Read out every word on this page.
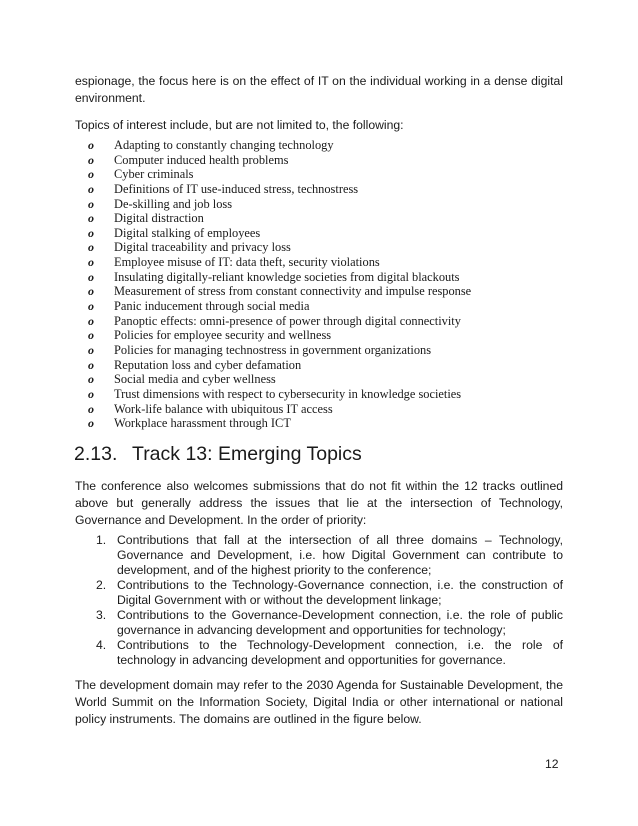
espionage, the focus here is on the effect of IT on the individual working in a dense digital environment.

Topics of interest include, but are not limited to, the following:

o Adapting to constantly changing technology
o Computer induced health problems
o Cyber criminals
o Definitions of IT use-induced stress, technostress
o De-skilling and job loss
o Digital distraction
o Digital stalking of employees
o Digital traceability and privacy loss
o Employee misuse of IT: data theft, security violations
o Insulating digitally-reliant knowledge societies from digital blackouts
o Measurement of stress from constant connectivity and impulse response
o Panic inducement through social media
o Panoptic effects: omni-presence of power through digital connectivity
o Policies for employee security and wellness
o Policies for managing technostress in government organizations
o Reputation loss and cyber defamation
o Social media and cyber wellness
o Trust dimensions with respect to cybersecurity in knowledge societies
o Work-life balance with ubiquitous IT access
o Workplace harassment through ICT
2.13. Track 13: Emerging Topics

The conference also welcomes submissions that do not fit within the 12 tracks outlined above but generally address the issues that lie at the intersection of Technology, Governance and Development. In the order of priority:

1. Contributions that fall at the intersection of all three domains – Technology, Governance and Development, i.e. how Digital Government can contribute to development, and of the highest priority to the conference;
2. Contributions to the Technology-Governance connection, i.e. the construction of Digital Government with or without the development linkage;
3. Contributions to the Governance-Development connection, i.e. the role of public governance in advancing development and opportunities for technology;
4. Contributions to the Technology-Development connection, i.e. the role of technology in advancing development and opportunities for governance.

The development domain may refer to the 2030 Agenda for Sustainable Development, the World Summit on the Information Society, Digital India or other international or national policy instruments. The domains are outlined in the figure below.

12
